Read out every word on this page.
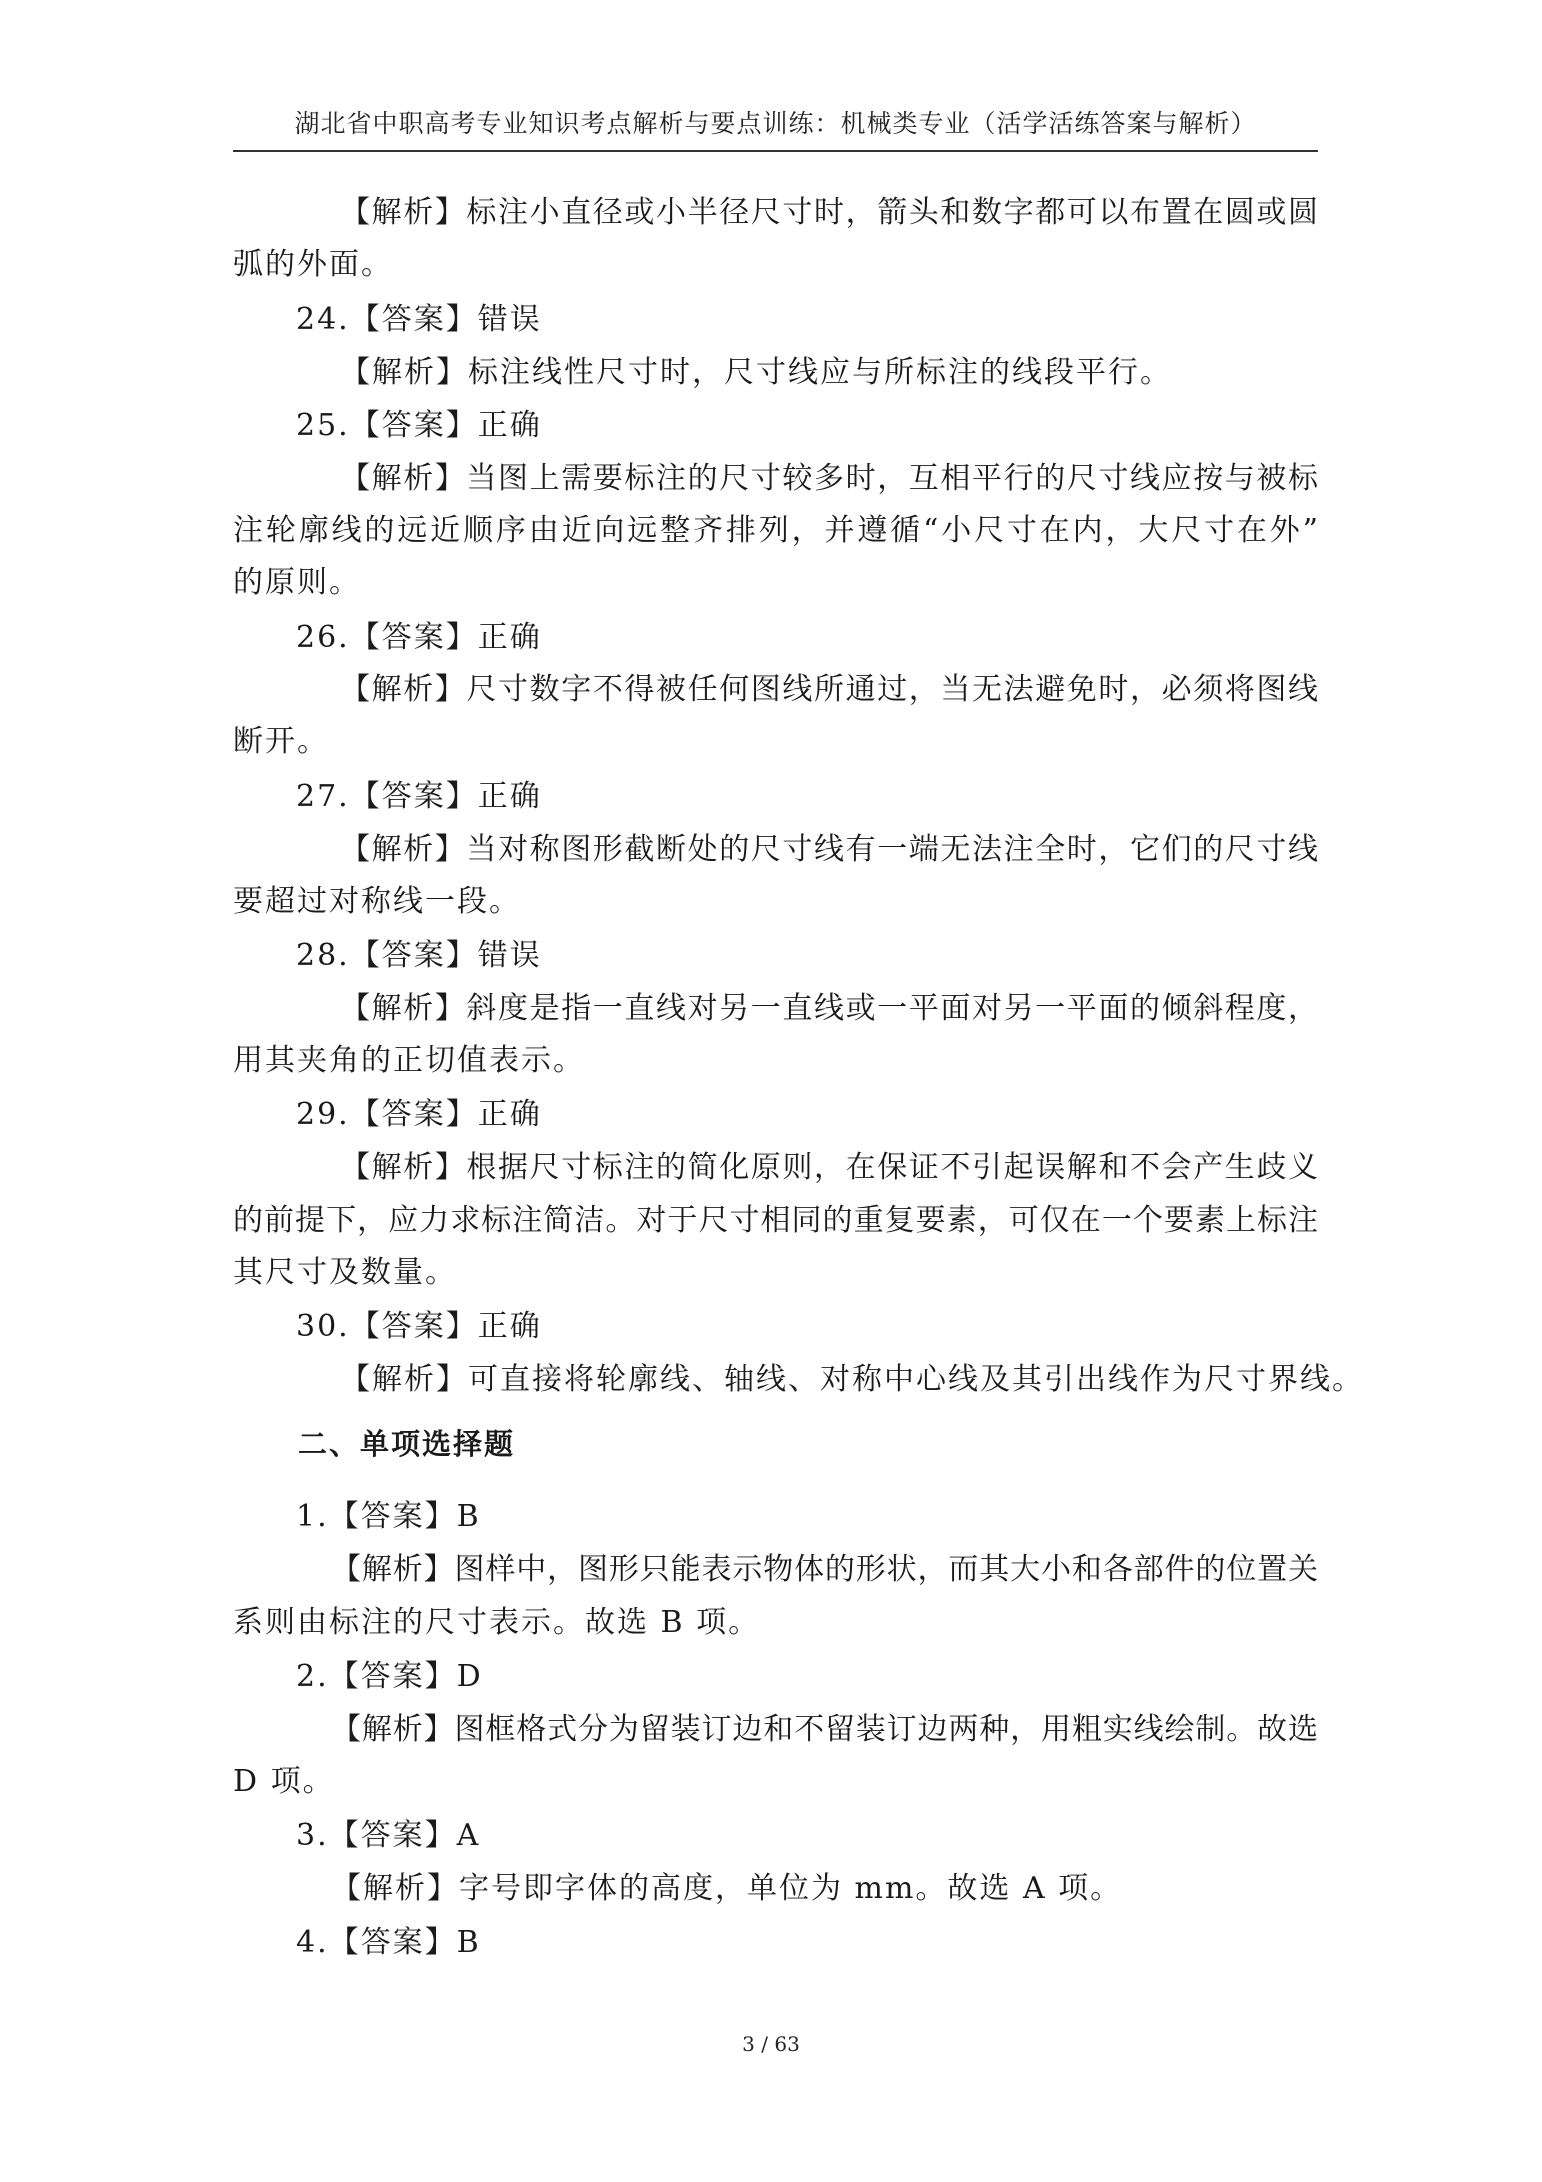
湖北省中职高考专业知识考点解析与要点训练：机械类专业（活学活练答案与解析）
【解析】标注小直径或小半径尺寸时，箭头和数字都可以布置在圆或圆
弧的外面。
24.【答案】错误
【解析】标注线性尺寸时，尺寸线应与所标注的线段平行。
25.【答案】正确
【解析】当图上需要标注的尺寸较多时，互相平行的尺寸线应按与被标
注轮廓线的远近顺序由近向远整齐排列，并遵循“小尺寸在内，大尺寸在外”
的原则。
26.【答案】正确
【解析】尺寸数字不得被任何图线所通过，当无法避免时，必须将图线
断开。
27.【答案】正确
【解析】当对称图形截断处的尺寸线有一端无法注全时，它们的尺寸线
要超过对称线一段。
28.【答案】错误
【解析】斜度是指一直线对另一直线或一平面对另一平面的倾斜程度，
用其夹角的正切值表示。
29.【答案】正确
【解析】根据尺寸标注的简化原则，在保证不引起误解和不会产生歧义
的前提下，应力求标注简洁。对于尺寸相同的重复要素，可仅在一个要素上标注
其尺寸及数量。
30.【答案】正确
【解析】可直接将轮廓线、轴线、对称中心线及其引出线作为尺寸界线。
二、单项选择题
1.【答案】B
【解析】图样中，图形只能表示物体的形状，而其大小和各部件的位置关
系则由标注的尺寸表示。故选 B 项。
2.【答案】D
【解析】图框格式分为留装订边和不留装订边两种，用粗实线绘制。故选
D 项。
3.【答案】A
【解析】字号即字体的高度，单位为 mm。故选 A 项。
4.【答案】B
3 / 63
